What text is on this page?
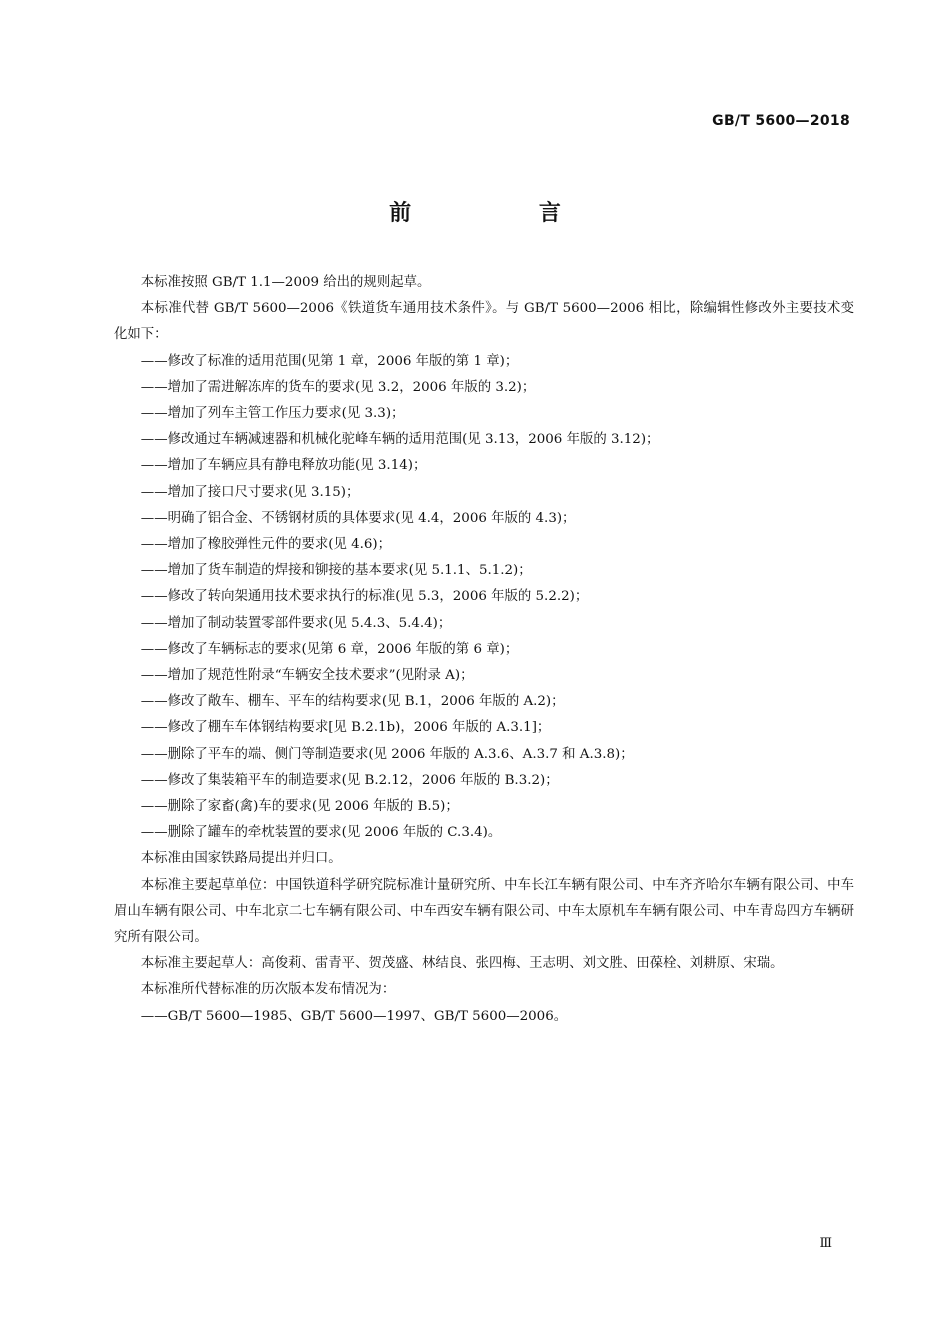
GB/T 5600—2018
前 言

本标准按照 GB/T 1.1—2009 给出的规则起草。

本标准代替 GB/T 5600—2006《铁道货车通用技术条件》。与 GB/T 5600—2006 相比，除编辑性修改外主要技术变化如下：

——修改了标准的适用范围(见第 1 章，2006 年版的第 1 章)；

——增加了需进解冻库的货车的要求(见 3.2，2006 年版的 3.2)；

——增加了列车主管工作压力要求(见 3.3)；

——修改通过车辆减速器和机械化驼峰车辆的适用范围(见 3.13，2006 年版的 3.12)；

——增加了车辆应具有静电释放功能(见 3.14)；

——增加了接口尺寸要求(见 3.15)；

——明确了铝合金、不锈钢材质的具体要求(见 4.4，2006 年版的 4.3)；

——增加了橡胶弹性元件的要求(见 4.6)；

——增加了货车制造的焊接和铆接的基本要求(见 5.1.1、5.1.2)；

——修改了转向架通用技术要求执行的标准(见 5.3，2006 年版的 5.2.2)；

——增加了制动装置零部件要求(见 5.4.3、5.4.4)；

——修改了车辆标志的要求(见第 6 章，2006 年版的第 6 章)；

——增加了规范性附录“车辆安全技术要求”(见附录 A)；

——修改了敞车、棚车、平车的结构要求(见 B.1，2006 年版的 A.2)；

——修改了棚车车体钢结构要求[见 B.2.1b)，2006 年版的 A.3.1]；

——删除了平车的端、侧门等制造要求(见 2006 年版的 A.3.6、A.3.7 和 A.3.8)；

——修改了集装箱平车的制造要求(见 B.2.12，2006 年版的 B.3.2)；

——删除了家畜(禽)车的要求(见 2006 年版的 B.5)；

——删除了罐车的牵枕装置的要求(见 2006 年版的 C.3.4)。

本标准由国家铁路局提出并归口。

本标准主要起草单位：中国铁道科学研究院标准计量研究所、中车长江车辆有限公司、中车齐齐哈尔车辆有限公司、中车眉山车辆有限公司、中车北京二七车辆有限公司、中车西安车辆有限公司、中车太原机车车辆有限公司、中车青岛四方车辆研究所有限公司。

本标准主要起草人：高俊莉、雷青平、贺茂盛、林结良、张四梅、王志明、刘文胜、田葆栓、刘耕原、宋瑞。

本标准所代替标准的历次版本发布情况为：

——GB/T 5600—1985、GB/T 5600—1997、GB/T 5600—2006。

Ⅲ
